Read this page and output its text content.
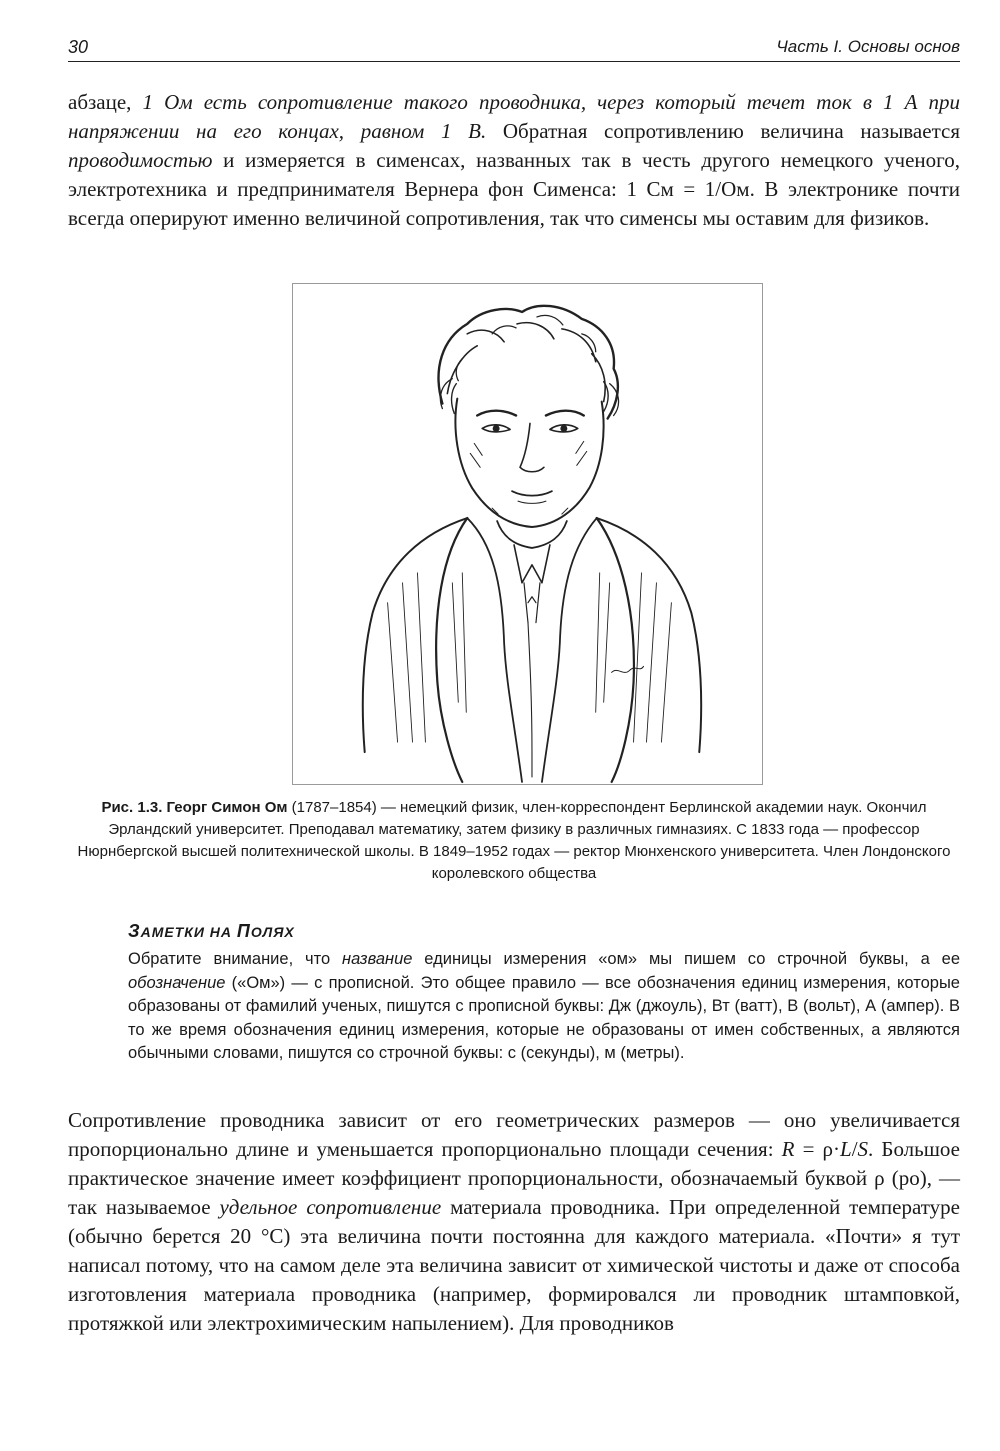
30	Часть I. Основы основ

абзаце, 1 Ом есть сопротивление такого проводника, через который течет ток в 1 А при напряжении на его концах, равном 1 В. Обратная сопротивлению величина называется проводимостью и измеряется в сименсах, названных так в честь другого немецкого ученого, электротехника и предпринимателя Вернера фон Сименса: 1 См = 1/Ом. В электронике почти всегда оперируют именно величиной сопротивления, так что сименсы мы оставим для физиков.

Рис. 1.3. Георг Симон Ом (1787–1854) — немецкий физик, член-корреспондент Берлинской академии наук. Окончил Эрландский университет. Преподавал математику, затем физику в различных гимназиях. С 1833 года — профессор Нюрнбергской высшей политехнической школы. В 1849–1952 годах — ректор Мюнхенского университета. Член Лондонского королевского общества

ЗАМЕТКИ НА ПОЛЯХ

Обратите внимание, что название единицы измерения «ом» мы пишем со строчной буквы, а ее обозначение («Ом») — с прописной. Это общее правило — все обозначения единиц измерения, которые образованы от фамилий ученых, пишутся с прописной буквы: Дж (джоуль), Вт (ватт), В (вольт), А (ампер). В то же время обозначения единиц измерения, которые не образованы от имен собственных, а являются обычными словами, пишутся со строчной буквы: с (секунды), м (метры).

Сопротивление проводника зависит от его геометрических размеров — оно увеличивается пропорционально длине и уменьшается пропорционально площади сечения: R = ρ·L/S. Большое практическое значение имеет коэффициент пропорциональности, обозначаемый буквой ρ (ро), — так называемое удельное сопротивление материала проводника. При определенной температуре (обычно берется 20 °С) эта величина почти постоянна для каждого материала. «Почти» я тут написал потому, что на самом деле эта величина зависит от химической чистоты и даже от способа изготовления материала проводника (например, формировался ли проводник штамповкой, протяжкой или электрохимическим напылением). Для проводников
